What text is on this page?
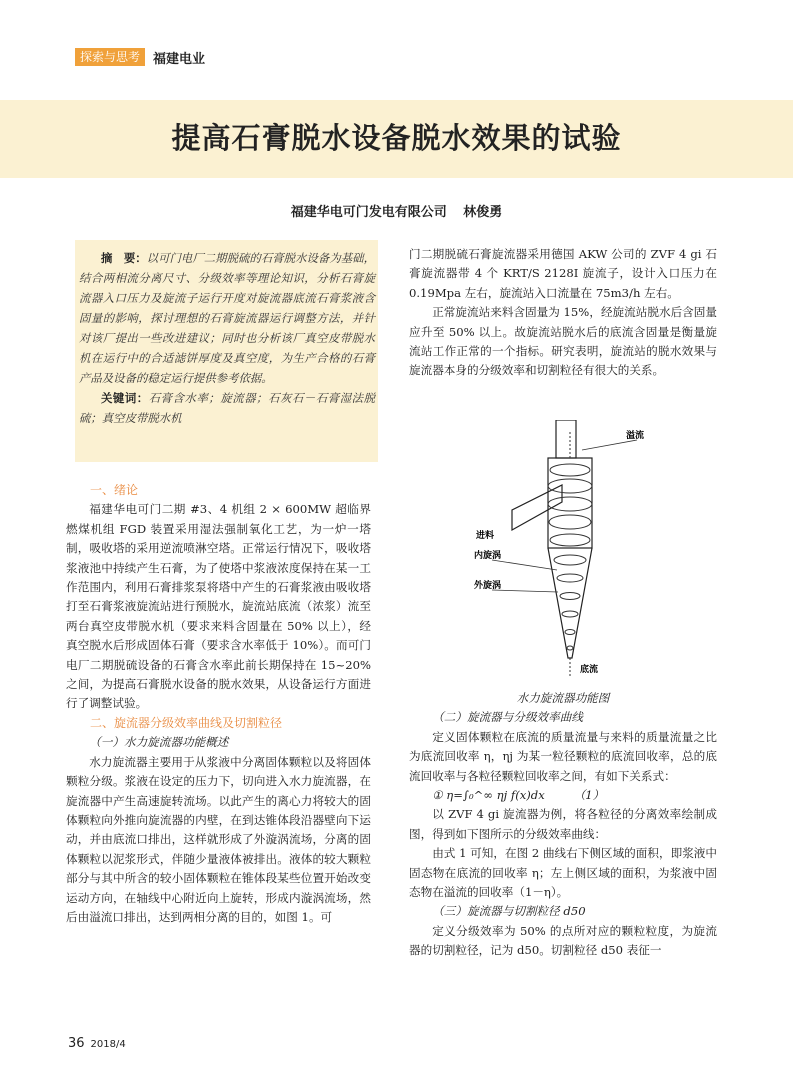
探索与思考	福建电业
提高石膏脱水设备脱水效果的试验
福建华电可门发电有限公司 林俊勇
摘　要：以可门电厂二期脱硫的石膏脱水设备为基础，结合两相流分离尺寸、分级效率等理论知识，分析石膏旋流器入口压力及旋流子运行开度对旋流器底流石膏浆液含固量的影响，探讨理想的石膏旋流器运行调整方法，并针对该厂提出一些改进建议；同时也分析该厂真空皮带脱水机在运行中的合适滤饼厚度及真空度，为生产合格的石膏产品及设备的稳定运行提供参考依据。
关键词：石膏含水率；旋流器；石灰石－石膏湿法脱硫；真空皮带脱水机

一、绪论

福建华电可门二期 #3、4 机组 2 × 600MW 超临界燃煤机组 FGD 装置采用湿法强制氧化工艺，为一炉一塔制，吸收塔的采用逆流喷淋空塔。正常运行情况下，吸收塔浆液池中持续产生石膏，为了使塔中浆液浓度保持在某一工作范围内，利用石膏排浆泵将塔中产生的石膏浆液由吸收塔打至石膏浆液旋流站进行预脱水，旋流站底流（浓浆）流至两台真空皮带脱水机（要求来料含固量在 50% 以上），经真空脱水后形成固体石膏（要求含水率低于 10%）。而可门电厂二期脱硫设备的石膏含水率此前长期保持在 15~20% 之间，为提高石膏脱水设备的脱水效果，从设备运行方面进行了调整试验。

二、旋流器分级效率曲线及切割粒径

（一）水力旋流器功能概述

水力旋流器主要用于从浆液中分离固体颗粒以及将固体颗粒分级。浆液在设定的压力下，切向进入水力旋流器，在旋流器中产生高速旋转流场。以此产生的离心力将较大的固体颗粒向外推向旋流器的内壁，在到达锥体段沿器壁向下运动，并由底流口排出，这样就形成了外漩涡流场，分离的固体颗粒以泥浆形式，伴随少量液体被排出。液体的较大颗粒部分与其中所含的较小固体颗粒在锥体段某些位置开始改变运动方向，在轴线中心附近向上旋转，形成内漩涡流场，然后由溢流口排出，达到两相分离的目的，如图 1。可

门二期脱硫石膏旋流器采用德国 AKW 公司的 ZVF 4 gi 石膏旋流器带 4 个 KRT/S 2128I 旋流子，设计入口压力在 0.19Mpa 左右，旋流站入口流量在 75m3/h 左右。

正常旋流站来料含固量为 15%，经旋流站脱水后含固量应升至 50% 以上。故旋流站脱水后的底流含固量是衡量旋流站工作正常的一个指标。研究表明，旋流站的脱水效果与旋流器本身的分级效率和切割粒径有很大的关系。

溢流
进料
内旋涡
外旋涡
底流

水力旋流器功能图

（二）旋流器与分级效率曲线

定义固体颗粒在底流的质量流量与来料的质量流量之比为底流回收率 η，ηj 为某一粒径颗粒的底流回收率，总的底流回收率与各粒径颗粒回收率之间，有如下关系式：

① η=∫₀^∞ ηj f(x)dx　　　（1）

以 ZVF 4 gi 旋流器为例，将各粒径的分离效率绘制成图，得到如下图所示的分级效率曲线：

由式 1 可知，在图 2 曲线右下侧区域的面积，即浆液中固态物在底流的回收率 η；左上侧区域的面积，为浆液中固态物在溢流的回收率（1－η）。

（三）旋流器与切割粒径 d50

定义分级效率为 50% 的点所对应的颗粒粒度，为旋流器的切割粒径，记为 d50。切割粒径 d50 表征一

36 2018/4
